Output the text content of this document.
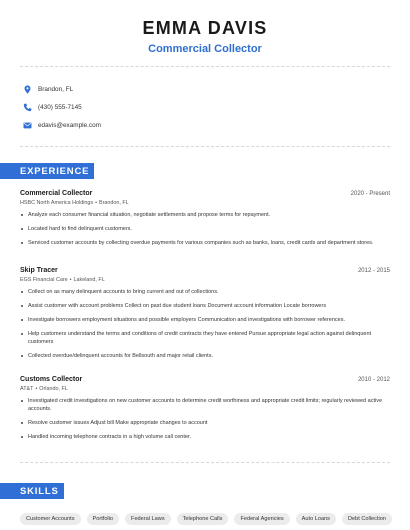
EMMA DAVIS
Commercial Collector
Brandon, FL
(430) 555-7145
edavis@example.com
EXPERIENCE
Commercial Collector	2020 - Present
HSBC North America Holdings • Brandon, FL
Analyze each consumer financial situation, negotiate settlements and propose terms for repayment.
Located hard to find delinquent customers.
Serviced customer accounts by collecting overdue payments for various companies such as banks, loans, credit cards and department stores.
Skip Tracer	2012 - 2015
EGS Financial Care • Lakeland, FL
Collect on as many delinquent accounts to bring current and out of collections.
Assist customer with account problems Collect on past due student loans Document account information Locate borrowers
Investigate borrowers employment situations and possible employers Communication and investigations with borrower references.
Help customers understand the terms and conditions of credit contracts they have entered Pursue appropriate legal action against delinquent customers
Collected overdue/delinquent accounts for Bellsouth and major retail clients.
Customs Collector	2010 - 2012
AT&T • Orlando, FL
Investigated credit investigations on new customer accounts to determine credit worthiness and appropriate credit limits; regularly reviewed active accounts.
Resolve customer issues Adjust bill Make appropriate changes to account
Handled incoming telephone contracts in a high volume call center.
SKILLS
Customer Accounts	Portfolio	Federal Laws	Telephone Calls	Federal Agencies	Auto Loans	Debt Collection
